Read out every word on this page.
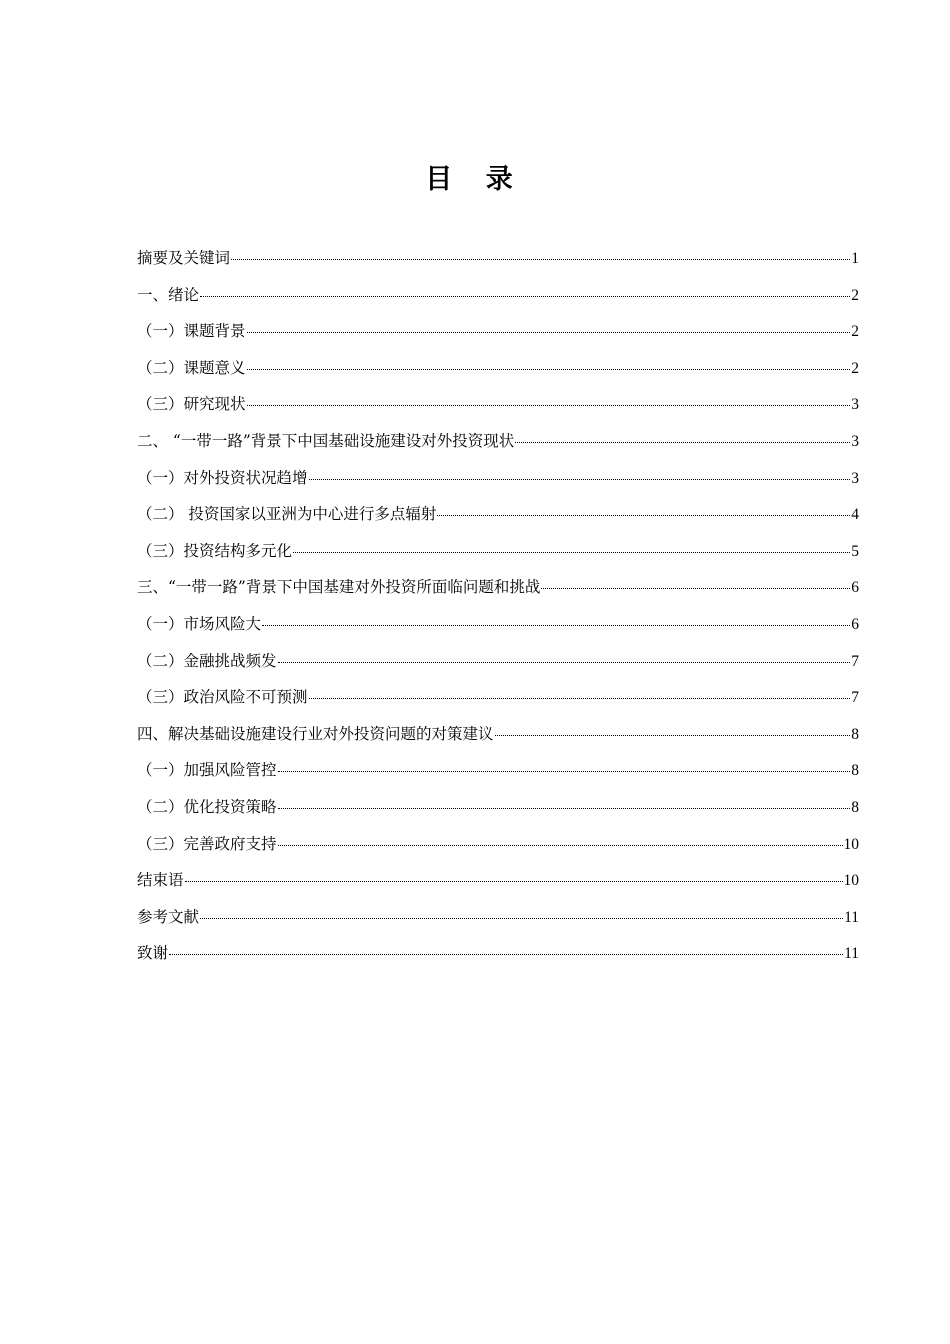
目 录
摘要及关键词	1
一、绪论	2
（一）课题背景	2
（二）课题意义	2
（三）研究现状	3
二、 “一带一路”背景下中国基础设施建设对外投资现状	3
（一）对外投资状况趋增	3
（二） 投资国家以亚洲为中心进行多点辐射	4
（三）投资结构多元化	5
三、“一带一路”背景下中国基建对外投资所面临问题和挑战	6
（一）市场风险大	6
（二）金融挑战频发	7
（三）政治风险不可预测	7
四、解决基础设施建设行业对外投资问题的对策建议	8
（一）加强风险管控	8
（二）优化投资策略	8
（三）完善政府支持	10
结束语	10
参考文献	11
致谢	11
